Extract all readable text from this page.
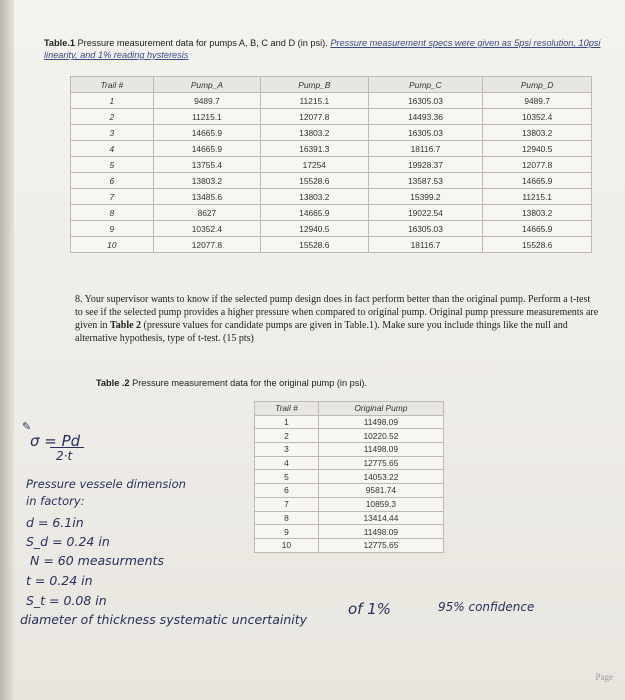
Table.1 Pressure measurement data for pumps A, B, C and D (in psi). Pressure measurement specs were given as 5psi resolution, 10psi linearity, and 1% reading hysteresis
Trail #	Pump_A	Pump_B	Pump_C	Pump_D
1	9489.7	11215.1	16305.03	9489.7
2	11215.1	12077.8	14493.36	10352.4
3	14665.9	13803.2	16305.03	13803.2
4	14665.9	16391.3	18116.7	12940.5
5	13755.4	17254	19928.37	12077.8
6	13803.2	15528.6	13587.53	14665.9
7	13485.6	13803.2	15399.2	11215.1
8	8627	14665.9	19022.54	13803.2
9	10352.4	12940.5	16305.03	14665.9
10	12077.8	15528.6	18116.7	15528.6
8. Your supervisor wants to know if the selected pump design does in fact perform better than the original pump. Perform a t-test to see if the selected pump provides a higher pressure when compared to original pump. Original pump pressure measurements are given in Table 2 (pressure values for candidate pumps are given in Table.1). Make sure you include things like the null and alternative hypothesis, type of t-test. (15 pts)
Table .2 Pressure measurement data for the original pump (in psi).
Trail #	Original Pump
1	11498.09
2	10220.52
3	11498.09
4	12775.65
5	14053.22
6	9581.74
7	10859.3
8	13414.44
9	11498.09
10	12775.65
✎
σ = Pd
2·t
Pressure vessele dimension
in factory:
d = 6.1in
S_d = 0.24 in
N = 60 measurments
t = 0.24 in
S_t = 0.08 in
diameter of thickness systematic uncertainity
of 1%	95% confidence
Page
